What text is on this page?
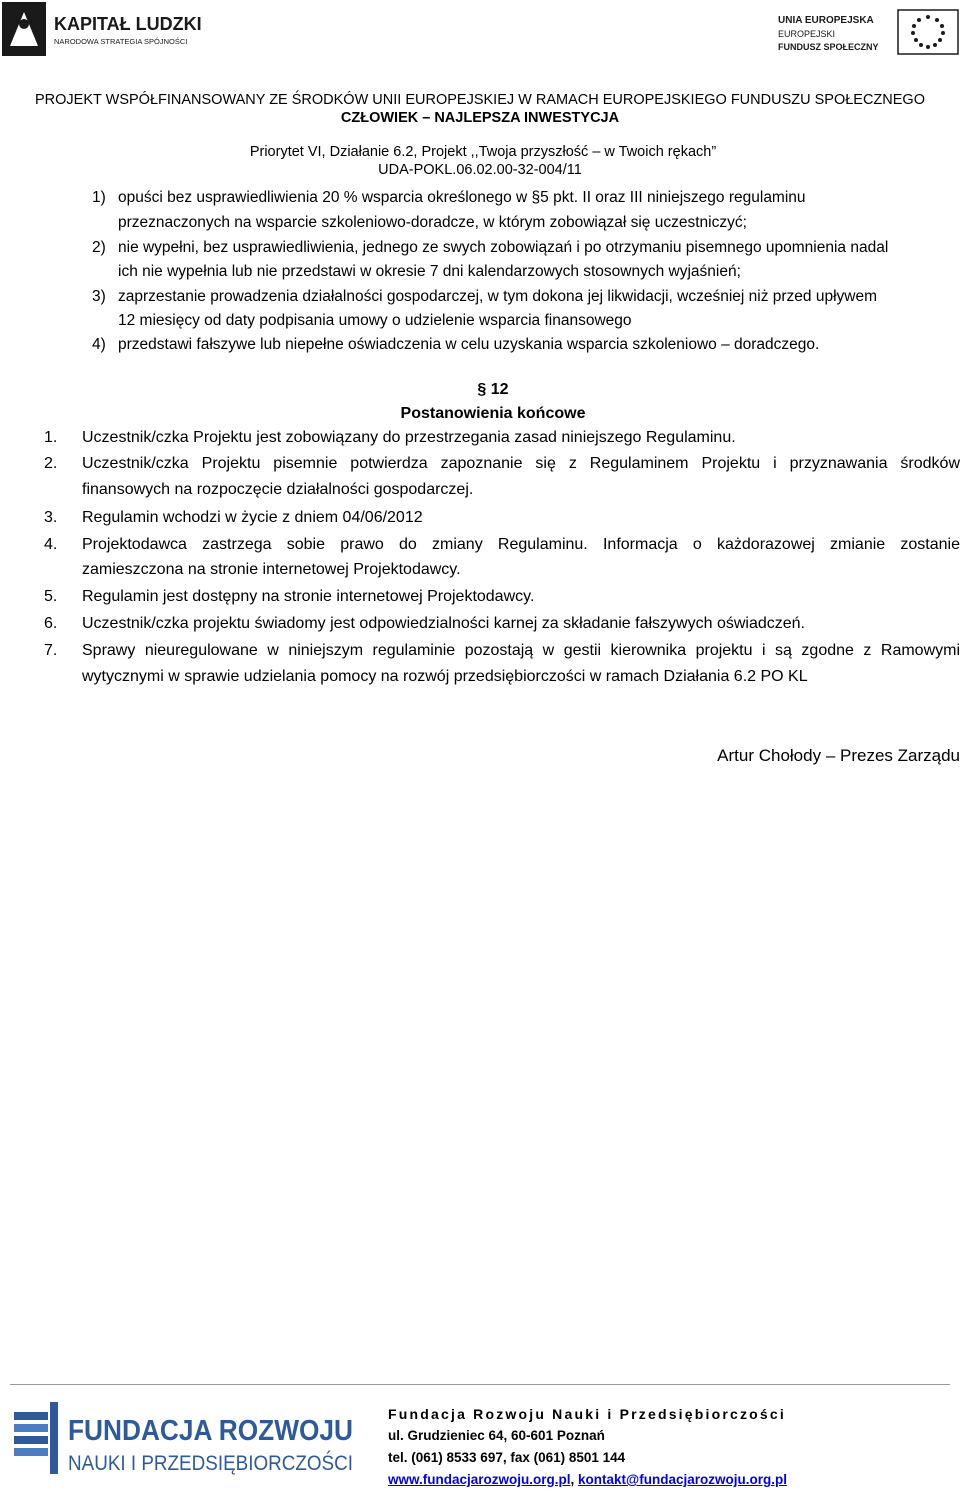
KAPITAŁ LUDZKI
NARODOWA STRATEGIA SPÓJNOŚCI
UNIA EUROPEJSKA
EUROPEJSKI
FUNDUSZ SPOŁECZNY
PROJEKT WSPÓŁFINANSOWANY ZE ŚRODKÓW UNII EUROPEJSKIEJ W RAMACH EUROPEJSKIEGO FUNDUSZU SPOŁECZNEGO
CZŁOWIEK – NAJLEPSZA INWESTYCJA
Priorytet VI, Działanie 6.2, Projekt ,,Twoja przyszłość – w Twoich rękach”
UDA-POKL.06.02.00-32-004/11
1) opuści bez usprawiedliwienia 20 % wsparcia określonego w §5 pkt. II oraz III niniejszego regulaminu
przeznaczonych na wsparcie szkoleniowo-doradcze, w którym zobowiązał się uczestniczyć;
2) nie wypełni, bez usprawiedliwienia, jednego ze swych zobowiązań i po otrzymaniu pisemnego upomnienia nadal
ich nie wypełnia lub nie przedstawi w okresie 7 dni kalendarzowych stosownych wyjaśnień;
3) zaprzestanie prowadzenia działalności gospodarczej, w tym dokona jej likwidacji, wcześniej niż przed upływem
12 miesięcy od daty podpisania umowy o udzielenie wsparcia finansowego
4) przedstawi fałszywe lub niepełne oświadczenia w celu uzyskania wsparcia szkoleniowo – doradczego.
§ 12
Postanowienia końcowe
1. Uczestnik/czka Projektu jest zobowiązany do przestrzegania zasad niniejszego Regulaminu.
2. Uczestnik/czka Projektu pisemnie potwierdza zapoznanie się z Regulaminem Projektu i przyznawania środków
finansowych na rozpoczęcie działalności gospodarczej.
3. Regulamin wchodzi w życie z dniem 04/06/2012
4. Projektodawca zastrzega sobie prawo do zmiany Regulaminu. Informacja o każdorazowej zmianie zostanie
zamieszczona na stronie internetowej Projektodawcy.
5. Regulamin jest dostępny na stronie internetowej Projektodawcy.
6. Uczestnik/czka projektu świadomy jest odpowiedzialności karnej za składanie fałszywych oświadczeń.
7. Sprawy nieuregulowane w niniejszym regulaminie pozostają w gestii kierownika projektu i są zgodne z Ramowymi
wytycznymi w sprawie udzielania pomocy na rozwój przedsiębiorczości w ramach Działania 6.2 PO KL
Artur Chołody – Prezes Zarządu
FUNDACJA ROZWOJU
NAUKI I PRZEDSIĘBIORCZOŚCI
Fundacja Rozwoju Nauki i Przedsiębiorczości
ul. Grudzieniec 64, 60-601 Poznań
tel. (061) 8533 697, fax (061) 8501 144
www.fundacjarozwoju.org.pl, kontakt@fundacjarozwoju.org.pl
